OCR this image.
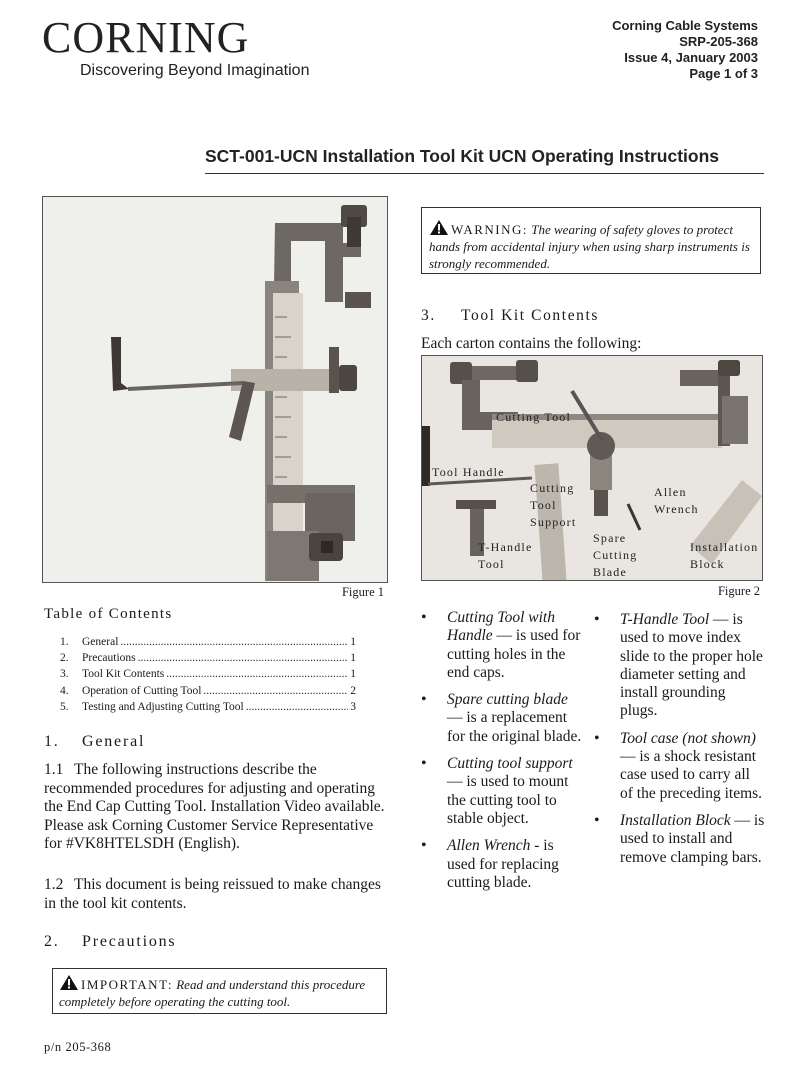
CORNING
Discovering Beyond Imagination
Corning Cable Systems
SRP-205-368
Issue 4, January 2003
Page 1 of 3
SCT-001-UCN Installation Tool Kit UCN Operating Instructions
Figure 1
WARNING: The wearing of safety gloves to protect hands from accidental injury when using sharp instruments is strongly recommended.
3. Tool Kit Contents
Each carton contains the following:
Cutting Tool
Tool Handle
Cutting
Tool
Support
Allen
Wrench
T-Handle
Tool
Spare
Cutting
Blade
Installation
Block
Figure 2
Table of Contents
1.	General .....	1
2.	Precautions .....	1
3.	Tool Kit Contents .....	1
4.	Operation of Cutting Tool .....	2
5.	Testing and Adjusting Cutting Tool .....	3
1. General
1.1 The following instructions describe the recommended procedures for adjusting and operating the End Cap Cutting Tool. Installation Video available. Please ask Corning Customer Service Representative for #VK8HTELSDH (English).
1.2 This document is being reissued to make changes in the tool kit contents.
2. Precautions
IMPORTANT: Read and understand this procedure completely before operating the cutting tool.
p/n 205-368
• Cutting Tool with Handle — is used for cutting holes in the end caps.
• Spare cutting blade — is a replacement for the original blade.
• Cutting tool support — is used to mount the cutting tool to stable object.
• Allen Wrench - is used for replacing cutting blade.
• T-Handle Tool — is used to move index slide to the proper hole diameter setting and install grounding plugs.
• Tool case (not shown) — is a shock resistant case used to carry all of the preceding items.
• Installation Block — is used to install and remove clamping bars.
